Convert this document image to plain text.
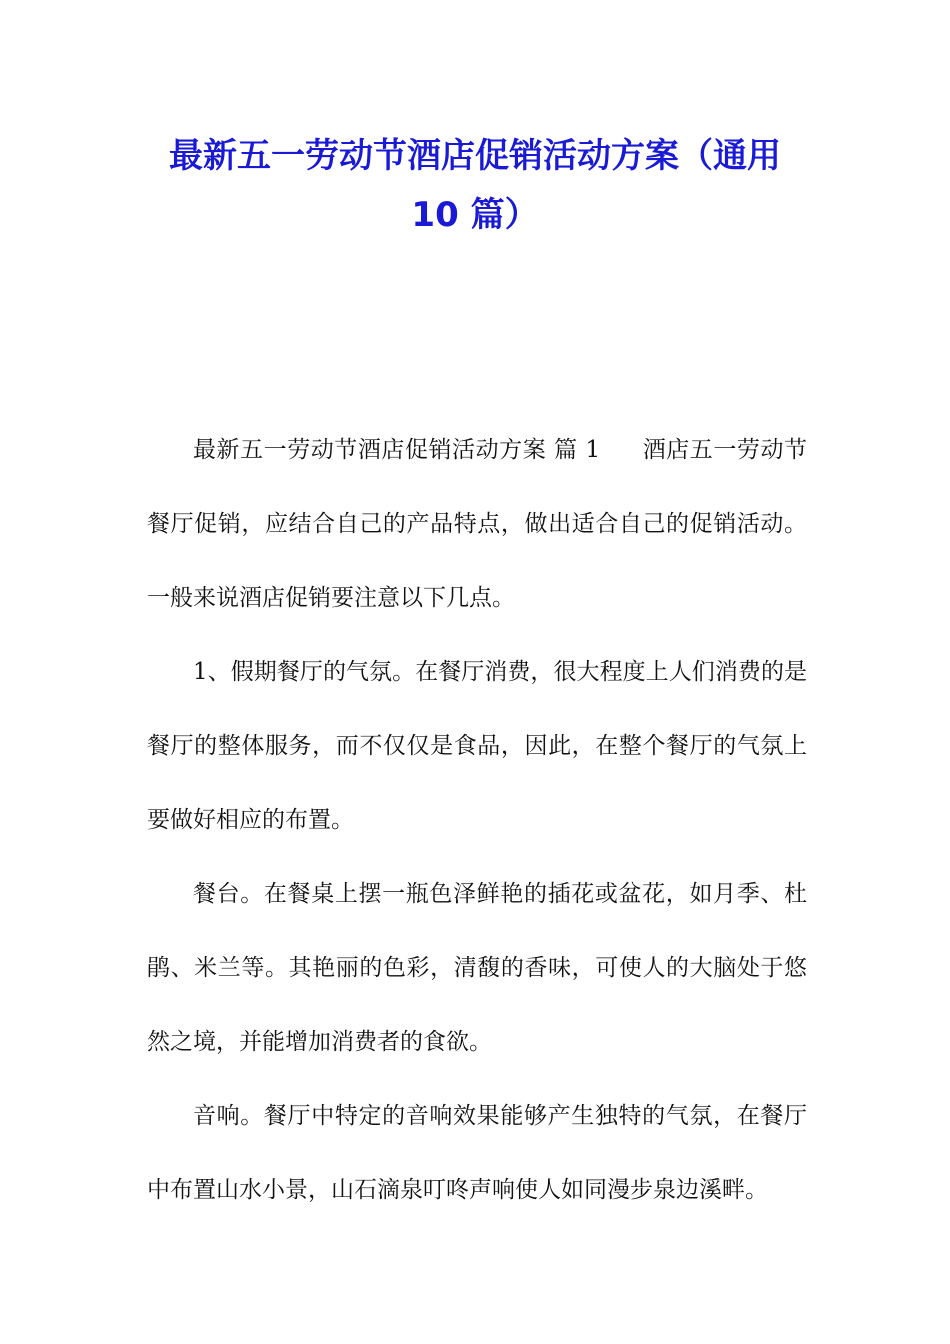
最新五一劳动节酒店促销活动方案（通用
10 篇）

最新五一劳动节酒店促销活动方案 篇 1 酒店五一劳动节餐厅促销，应结合自己的产品特点，做出适合自己的促销活动。一般来说酒店促销要注意以下几点。

1、假期餐厅的气氛。在餐厅消费，很大程度上人们消费的是餐厅的整体服务，而不仅仅是食品，因此，在整个餐厅的气氛上要做好相应的布置。

餐台。在餐桌上摆一瓶色泽鲜艳的插花或盆花，如月季、杜鹃、米兰等。其艳丽的色彩，清馥的香味，可使人的大脑处于悠然之境，并能增加消费者的食欲。

音响。餐厅中特定的音响效果能够产生独特的气氛，在餐厅中布置山水小景，山石滴泉叮咚声响使人如同漫步泉边溪畔。
